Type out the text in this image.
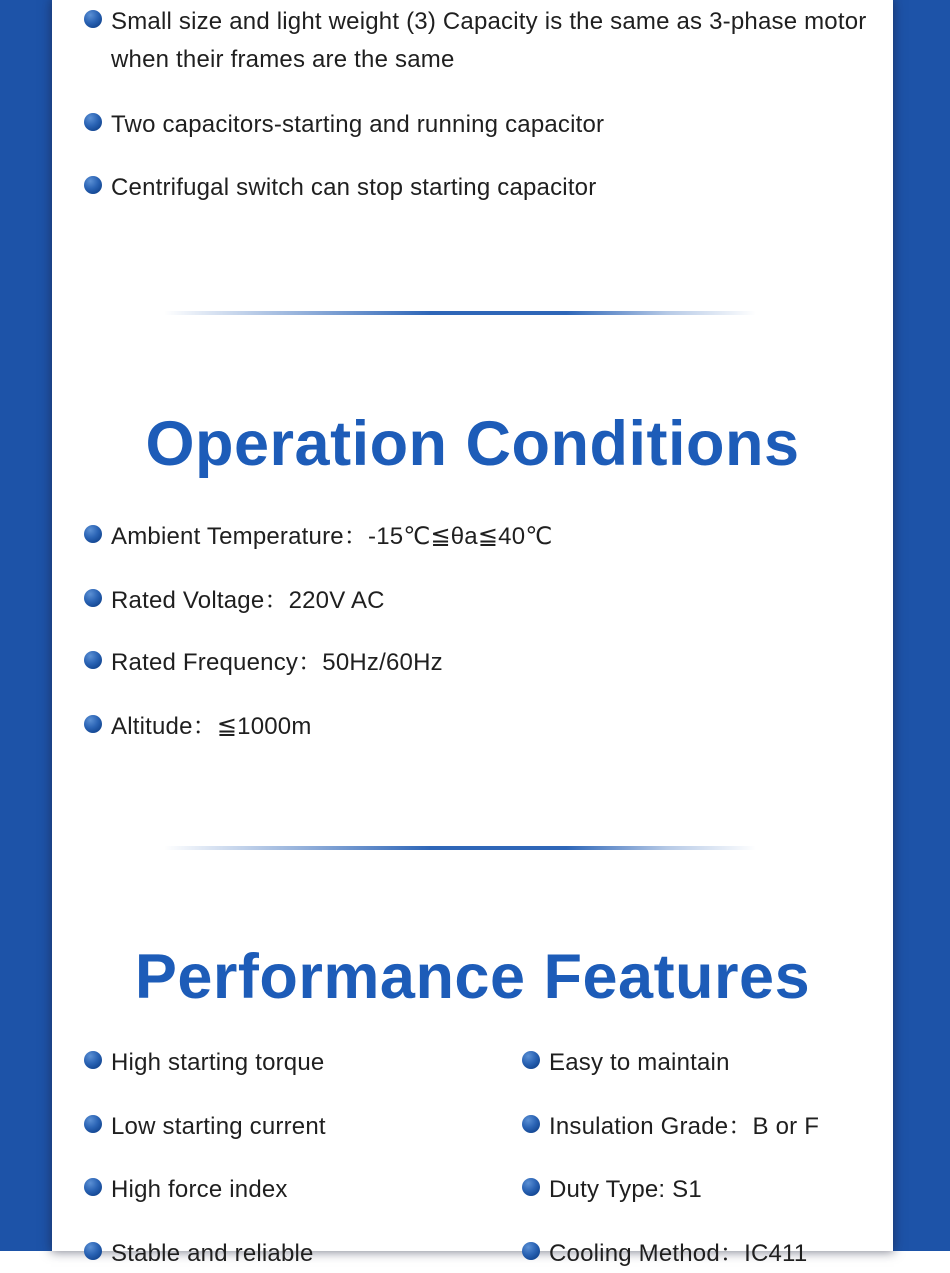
Small size and light weight (3) Capacity is the same as 3-phase motor when their frames are the same
Two capacitors-starting and running capacitor
Centrifugal switch can stop starting capacitor
Operation Conditions
Ambient Temperature：-15℃≦θa≦40℃
Rated Voltage：220V AC
Rated Frequency：50Hz/60Hz
Altitude：≦1000m
Performance Features
High starting torque
Low starting current
High force index
Stable and reliable
Easy to maintain
Insulation Grade：B or F
Duty Type: S1
Cooling Method：IC411
